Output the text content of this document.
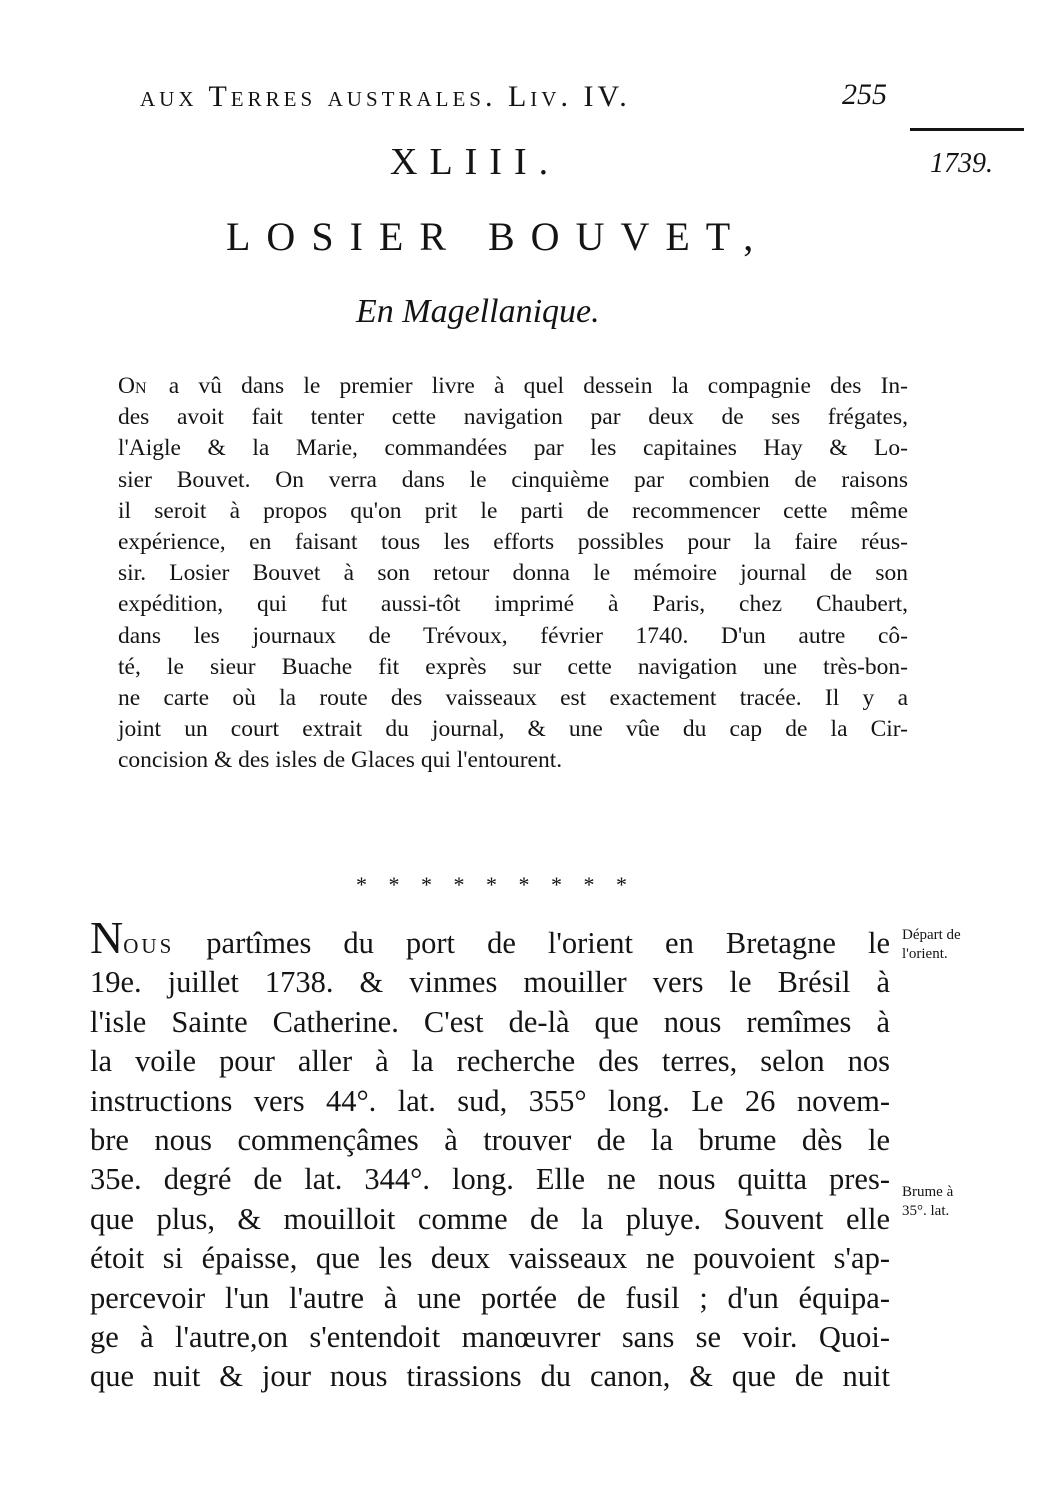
aux Terres australes. Liv. IV.	255
1739.
XLIII.
LOSIER BOUVET,
En Magellanique.
On a vû dans le premier livre à quel dessein la compagnie des In-
des avoit fait tenter cette navigation par deux de ses frégates,
l'Aigle & la Marie, commandées par les capitaines Hay & Lo-
sier Bouvet. On verra dans le cinquième par combien de raisons
il seroit à propos qu'on prit le parti de recommencer cette même
expérience, en faisant tous les efforts possibles pour la faire réus-
sir. Losier Bouvet à son retour donna le mémoire journal de son
expédition, qui fut aussi-tôt imprimé à Paris, chez Chaubert,
dans les journaux de Trévoux, février 1740. D'un autre cô-
té, le sieur Buache fit exprès sur cette navigation une très-bon-
ne carte où la route des vaisseaux est exactement tracée. Il y a
joint un court extrait du journal, & une vûe du cap de la Cir-
concision & des isles de Glaces qui l'entourent.
* * * * * * * * *
Nous partîmes du port de l'orient en Bretagne le
19e. juillet 1738. & vinmes mouiller vers le Brésil à
l'isle Sainte Catherine. C'est de-là que nous remîmes à
la voile pour aller à la recherche des terres, selon nos
instructions vers 44°. lat. sud, 355° long. Le 26 novem-
bre nous commençâmes à trouver de la brume dès le
35e. degré de lat. 344°. long. Elle ne nous quitta pres-
que plus, & mouilloit comme de la pluye. Souvent elle
étoit si épaisse, que les deux vaisseaux ne pouvoient s'ap-
percevoir l'un l'autre à une portée de fusil ; d'un équipa-
ge à l'autre,on s'entendoit manœuvrer sans se voir. Quoi-
que nuit & jour nous tirassions du canon, & que de nuit
Départ de
l'orient.
Brume à
35°. lat.
